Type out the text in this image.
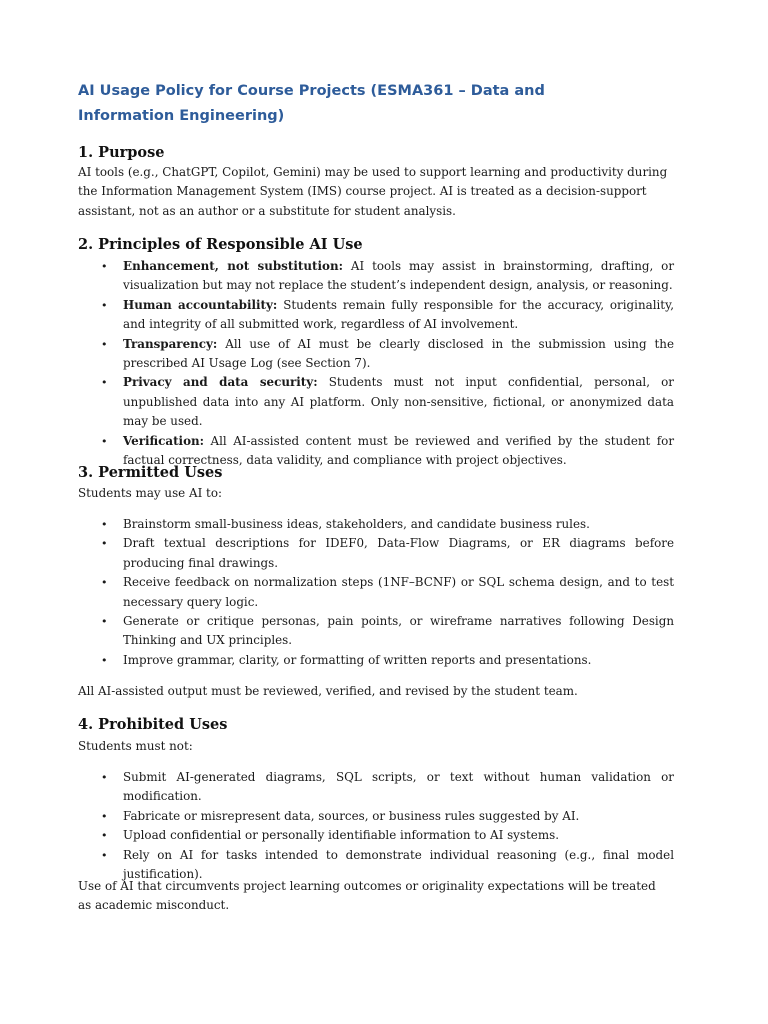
AI Usage Policy for Course Projects (ESMA361 – Data and Information Engineering)
1. Purpose

AI tools (e.g., ChatGPT, Copilot, Gemini) may be used to support learning and productivity during the Information Management System (IMS) course project. AI is treated as a decision-support assistant, not as an author or a substitute for student analysis.

2. Principles of Responsible AI Use
• Enhancement, not substitution: AI tools may assist in brainstorming, drafting, or visualization but may not replace the student’s independent design, analysis, or reasoning.
• Human accountability: Students remain fully responsible for the accuracy, originality, and integrity of all submitted work, regardless of AI involvement.
• Transparency: All use of AI must be clearly disclosed in the submission using the prescribed AI Usage Log (see Section 7).
• Privacy and data security: Students must not input confidential, personal, or unpublished data into any AI platform. Only non-sensitive, fictional, or anonymized data may be used.
• Verification: All AI-assisted content must be reviewed and verified by the student for factual correctness, data validity, and compliance with project objectives.
3. Permitted Uses

Students may use AI to:

• Brainstorm small-business ideas, stakeholders, and candidate business rules.
• Draft textual descriptions for IDEF0, Data-Flow Diagrams, or ER diagrams before producing final drawings.
• Receive feedback on normalization steps (1NF–BCNF) or SQL schema design, and to test necessary query logic.
• Generate or critique personas, pain points, or wireframe narratives following Design Thinking and UX principles.
• Improve grammar, clarity, or formatting of written reports and presentations.

All AI-assisted output must be reviewed, verified, and revised by the student team.

4. Prohibited Uses

Students must not:

• Submit AI-generated diagrams, SQL scripts, or text without human validation or modification.
• Fabricate or misrepresent data, sources, or business rules suggested by AI.
• Upload confidential or personally identifiable information to AI systems.
• Rely on AI for tasks intended to demonstrate individual reasoning (e.g., final model justification).

Use of AI that circumvents project learning outcomes or originality expectations will be treated as academic misconduct.
